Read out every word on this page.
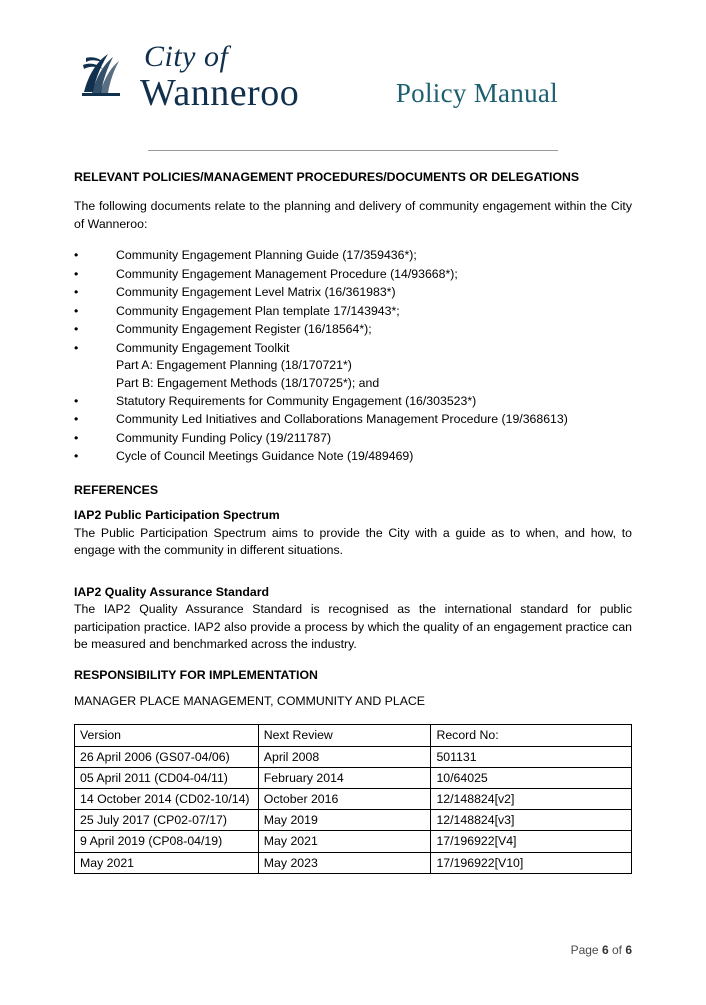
City of
Wanneroo	Policy Manual
RELEVANT POLICIES/MANAGEMENT PROCEDURES/DOCUMENTS OR DELEGATIONS

The following documents relate to the planning and delivery of community engagement within the City of Wanneroo:

•	Community Engagement Planning Guide (17/359436*);
•	Community Engagement Management Procedure (14/93668*);
•	Community Engagement Level Matrix (16/361983*)
•	Community Engagement Plan template 17/143943*;
•	Community Engagement Register (16/18564*);
•	Community Engagement Toolkit
Part A: Engagement Planning (18/170721*)
Part B: Engagement Methods (18/170725*); and
•	Statutory Requirements for Community Engagement (16/303523*)
•	Community Led Initiatives and Collaborations Management Procedure (19/368613)
•	Community Funding Policy (19/211787)
•	Cycle of Council Meetings Guidance Note (19/489469)
REFERENCES
IAP2 Public Participation Spectrum

The Public Participation Spectrum aims to provide the City with a guide as to when, and how, to engage with the community in different situations.

IAP2 Quality Assurance Standard

The IAP2 Quality Assurance Standard is recognised as the international standard for public participation practice. IAP2 also provide a process by which the quality of an engagement practice can be measured and benchmarked across the industry.

RESPONSIBILITY FOR IMPLEMENTATION
MANAGER PLACE MANAGEMENT, COMMUNITY AND PLACE
Version	Next Review	Record No:
26 April 2006 (GS07-04/06)	April 2008	501131
05 April 2011 (CD04-04/11)	February 2014	10/64025
14 October 2014 (CD02-10/14)	October 2016	12/148824[v2]
25 July 2017 (CP02-07/17)	May 2019	12/148824[v3]
9 April 2019 (CP08-04/19)	May 2021	17/196922[V4]
May 2021	May 2023	17/196922[V10]
Page 6 of 6
